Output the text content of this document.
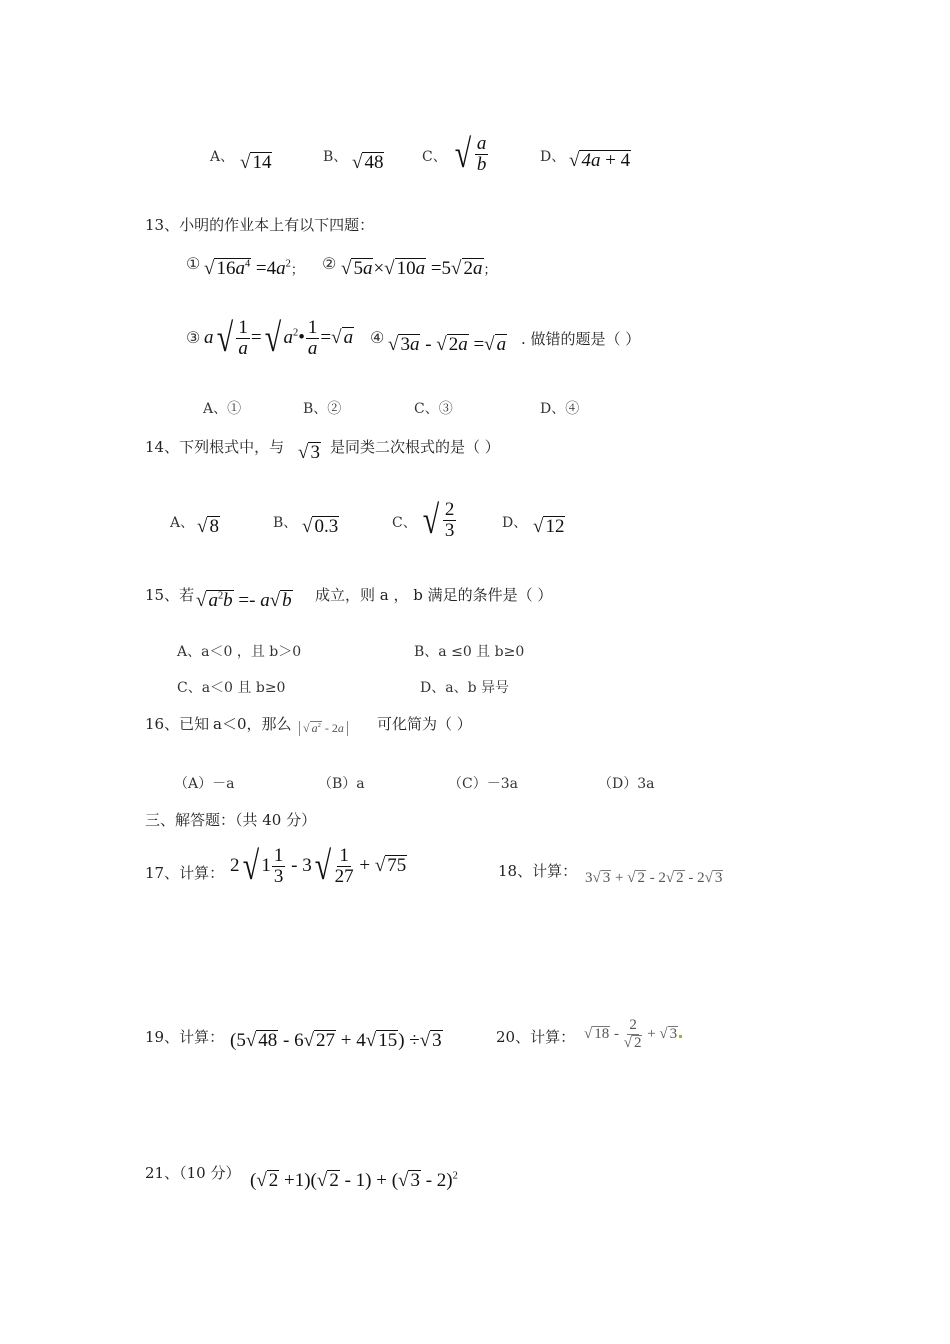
A、 √ 14	B、 √ 48	C、 √ $\frac{a}{b}$	D、 √ 4a + 4
13、小明的作业本上有以下四题：
① √ $16a^4 =4a^2$； ② √ 5a×√ 10a =5√ 2a；
③ $a√ \frac{1}{a}$ =√ $a^2• \frac{1}{a}$ =√ a ④ √ 3a - √ 2a =√ a . 做错的题是（ ）
A、①	B、②	C、③	D、④
14、下列根式中，与 √ 3 是同类二次根式的是（ ）
A、 √ 8	B、 √ 0.3	C、 √ $\frac{2}{3}$	D、 √ 12
15、若 √ $a^2b =- a√$ b 成立，则 a ， b 满足的条件是（ ）
A、a＜0 ，且 b＞0	B、a ≤0 且 b≥0
C、a＜0 且 b≥0	D、a、b 异号
16、已知 a＜0，那么 √ $a^2 - 2a$ 可化简为（ ）
（A）－a	（B）a	（C）－3a	（D）3a
三、解答题：（共 40 分）
17、计算： 2√ $1 \frac{1}{3} - 3√ \frac{1}{27}$ + √ 75	18、计算： 3√ 3 + √ 2 - 2√ 2 - 2√ 3
19、计算： (5√ 48 - 6√ 27 + 4√ 15) ÷√ 3	20、计算： √ $18 - \frac{2}{√ 2}$ + √ 3
21、（10 分） (√ 2 +1)(√ 2 - 1) + (√ 3 - 2)$^2$
